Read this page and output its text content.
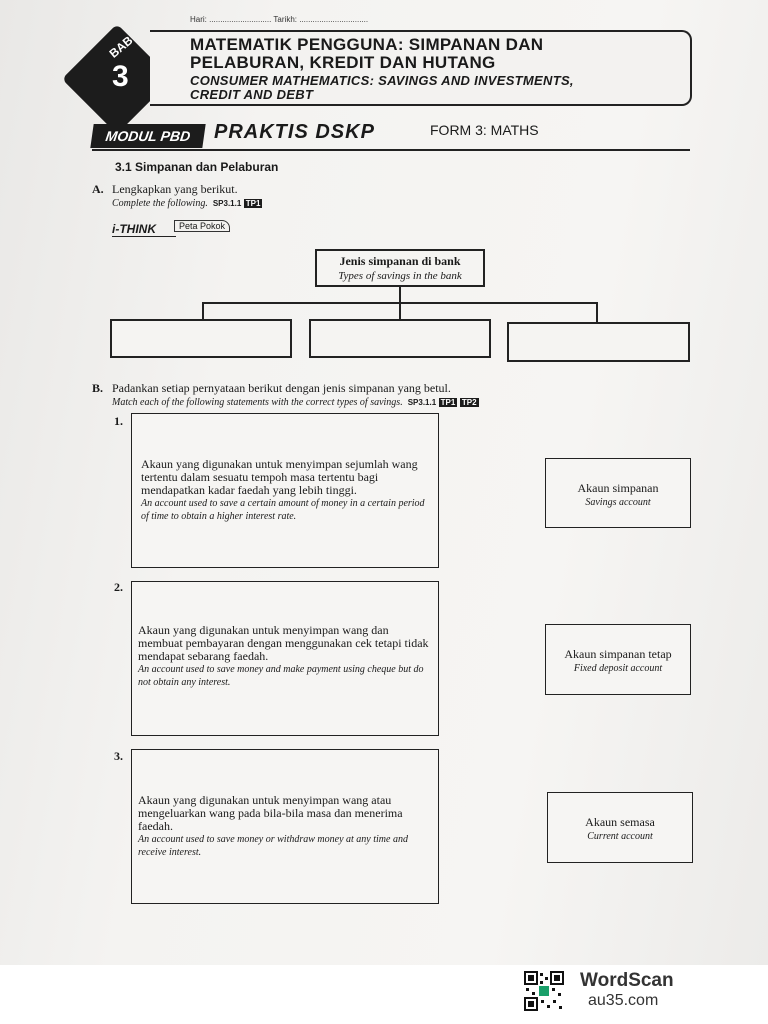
Hari: ............................ Tarikh: ...............................
BAB
3
MATEMATIK PENGGUNA: SIMPANAN DAN PELABURAN, KREDIT DAN HUTANG
CONSUMER MATHEMATICS: SAVINGS AND INVESTMENTS, CREDIT AND DEBT
MODUL PBD	PRAKTIS DSKP	FORM 3: MATHS
3.1 Simpanan dan Pelaburan
A. Lengkapkan yang berikut.
Complete the following. SP3.1.1 TP1
i-THINK	Peta Pokok
Jenis simpanan di bank
Types of savings in the bank
B. Padankan setiap pernyataan berikut dengan jenis simpanan yang betul.
Match each of the following statements with the correct types of savings. SP3.1.1 TP1 TP2
1.
Akaun yang digunakan untuk menyimpan sejumlah wang tertentu dalam sesuatu tempoh masa tertentu bagi mendapatkan kadar faedah yang lebih tinggi.
An account used to save a certain amount of money in a certain period of time to obtain a higher interest rate.
2.
Akaun yang digunakan untuk menyimpan wang dan membuat pembayaran dengan menggunakan cek tetapi tidak mendapat sebarang faedah.
An account used to save money and make payment using cheque but do not obtain any interest.
3.
Akaun yang digunakan untuk menyimpan wang atau mengeluarkan wang pada bila-bila masa dan menerima faedah.
An account used to save money or withdraw money at any time and receive interest.
Akaun simpanan
Savings account
Akaun simpanan tetap
Fixed deposit account
Akaun semasa
Current account
WordScan
au35.com
